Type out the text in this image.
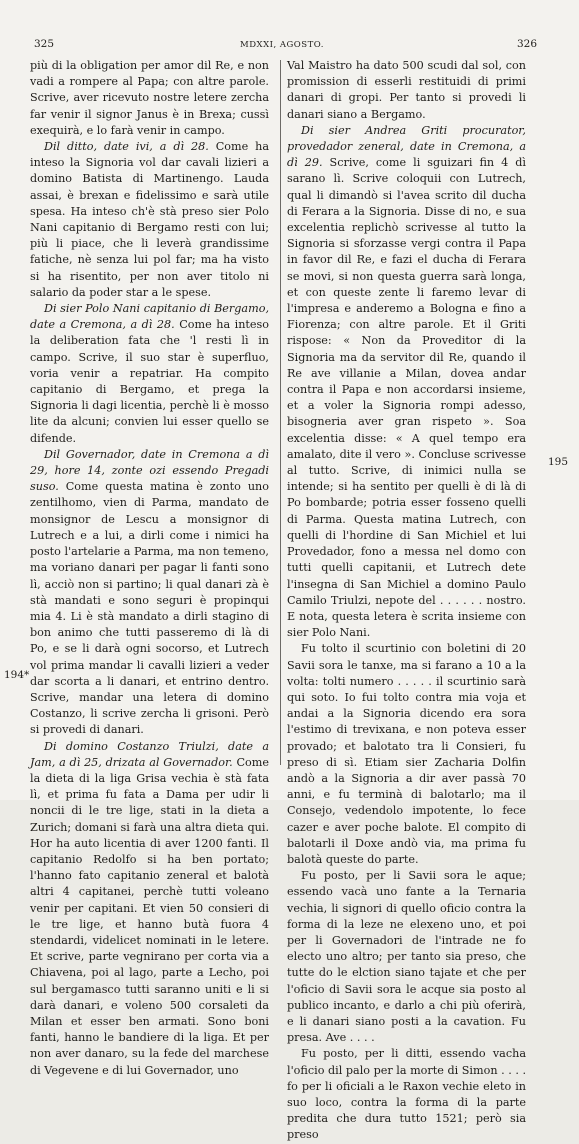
325	MDXXI, AGOSTO.	326
194*
195

più di la obligation per amor dil Re, e non vadi a rompere al Papa; con altre parole. Scrive, aver ricevuto nostre letere zercha far venir il signor Janus è in Brexa; cussì exequirà, e lo farà venir in campo.

Dil ditto, date ivi, a dì 28. Come ha inteso la Signoria vol dar cavali lizieri a domino Batista di Martinengo. Lauda assai, è brexan e fidelissimo e sarà utile spesa. Ha inteso ch'è stà preso sier Polo Nani capitanio di Bergamo resti con lui; più li piace, che li leverà grandissime fatiche, nè senza lui pol far; ma ha visto si ha risentito, per non aver titolo ni salario da poder star a le spese.

Di sier Polo Nani capitanio di Bergamo, date a Cremona, a dì 28. Come ha inteso la deliberation fata che 'l resti lì in campo. Scrive, il suo star è superfluo, voria venir a repatriar. Ha compito capitanio di Bergamo, et prega la Signoria li dagi licentia, perchè li è mosso lite da alcuni; convien lui esser quello se difende.

Dil Governador, date in Cremona a dì 29, hore 14, zonte ozi essendo Pregadi suso. Come questa matina è zonto uno zentilhomo, vien di Parma, mandato de monsignor de Lescu a monsignor di Lutrech e a lui, a dirli come i nimici ha posto l'artelarie a Parma, ma non temeno, ma voriano danari per pagar li fanti sono lì, acciò non si partino; li qual danari zà è stà mandati e sono seguri è propinqui mia 4. Li è stà mandato a dirli stagino di bon animo che tutti passeremo di là di Po, e se li darà ogni socorso, et Lutrech vol prima mandar li cavalli lizieri a veder dar scorta a li danari, et entrino dentro. Scrive, mandar una letera di domino Costanzo, li scrive zercha li grisoni. Però si provedi di danari.

Di domino Costanzo Triulzi, date a Jam, a dì 25, drizata al Governador. Come la dieta di la liga Grisa vechia è stà fata lì, et prima fu fata a Dama per udir li noncii di le tre lige, stati in la dieta a Zurich; domani si farà una altra dieta qui. Hor ha auto licentia di aver 1200 fanti. Il capitanio Redolfo si ha ben portato; l'hanno fato capitanio zeneral et balotà altri 4 capitanei, perchè tutti voleano venir per capitani. Et vien 50 consieri di le tre lige, et hanno butà fuora 4 stendardi, videlicet nominati in le letere. Et scrive, parte vegnirano per corta via a Chiavena, poi al lago, parte a Lecho, poi sul bergamasco tutti saranno uniti e li si darà danari, e voleno 500 corsaleti da Milan et esser ben armati. Sono boni fanti, hanno le bandiere di la liga. Et per non aver danaro, su la fede del marchese di Vegevene e di lui Governador, uno

Val Maistro ha dato 500 scudi dal sol, con promission di esserli restituidi di primi danari di gropi. Per tanto si provedi li danari siano a Bergamo.

Di sier Andrea Griti procurator, provedador zeneral, date in Cremona, a dì 29. Scrive, come li sguizari fin 4 dì sarano lì. Scrive coloquii con Lutrech, qual li dimandò si l'avea scrito dil ducha di Ferara a la Signoria. Disse di no, e sua excelentia replichò scrivesse al tutto la Signoria si sforzasse vergi contra il Papa in favor dil Re, e fazi el ducha di Ferara se movi, si non questa guerra sarà longa, et con queste zente li faremo levar di l'impresa e anderemo a Bologna e fino a Fiorenza; con altre parole. Et il Griti rispose: « Non da Proveditor di la Signoria ma da servitor dil Re, quando il Re ave villanie a Milan, dovea andar contra il Papa e non accordarsi insieme, et a voler la Signoria rompi adesso, bisogneria aver gran rispeto ». Soa excelentia disse: « A quel tempo era amalato, dite il vero ». Concluse scrivesse al tutto. Scrive, di inimici nulla se intende; si ha sentito per quelli è di là di Po bombarde; potria esser fosseno quelli di Parma. Questa matina Lutrech, con quelli di l'hordine di San Michiel et lui Provedador, fono a messa nel domo con tutti quelli capitanii, et Lutrech dete l'insegna di San Michiel a domino Paulo Camilo Triulzi, nepote del . . . . . . nostro. E nota, questa letera è scrita insieme con sier Polo Nani.

Fu tolto il scurtinio con boletini di 20 Savii sora le tanxe, ma si farano a 10 a la volta: tolti numero . . . . . il scurtinio sarà qui soto. Io fui tolto contra mia voja et andai a la Signoria dicendo era sora l'estimo di trevixana, e non poteva esser provado; et balotato tra li Consieri, fu preso di sì. Etiam sier Zacharia Dolfin andò a la Signoria a dir aver passà 70 anni, e fu terminà di balotarlo; ma il Consejo, vedendolo impotente, lo fece cazer e aver poche balote. El compito di balotarli il Doxe andò via, ma prima fu balotà queste do parte.

Fu posto, per li Savii sora le aque; essendo vacà uno fante a la Ternaria vechia, li signori di quello oficio contra la forma di la leze ne elexeno uno, et poi per li Governadori de l'intrade ne fo electo uno altro; per tanto sia preso, che tutte do le elction siano tajate et che per l'oficio di Savii sora le acque sia posto al publico incanto, e darlo a chi più oferirà, e li danari siano posti a la cavation. Fu presa. Ave . . . .

Fu posto, per li ditti, essendo vacha l'oficio dil palo per la morte di Simon . . . . fo per li oficiali a le Raxon vechie eleto in suo loco, contra la forma di la parte predita che dura tutto 1521; però sia preso
